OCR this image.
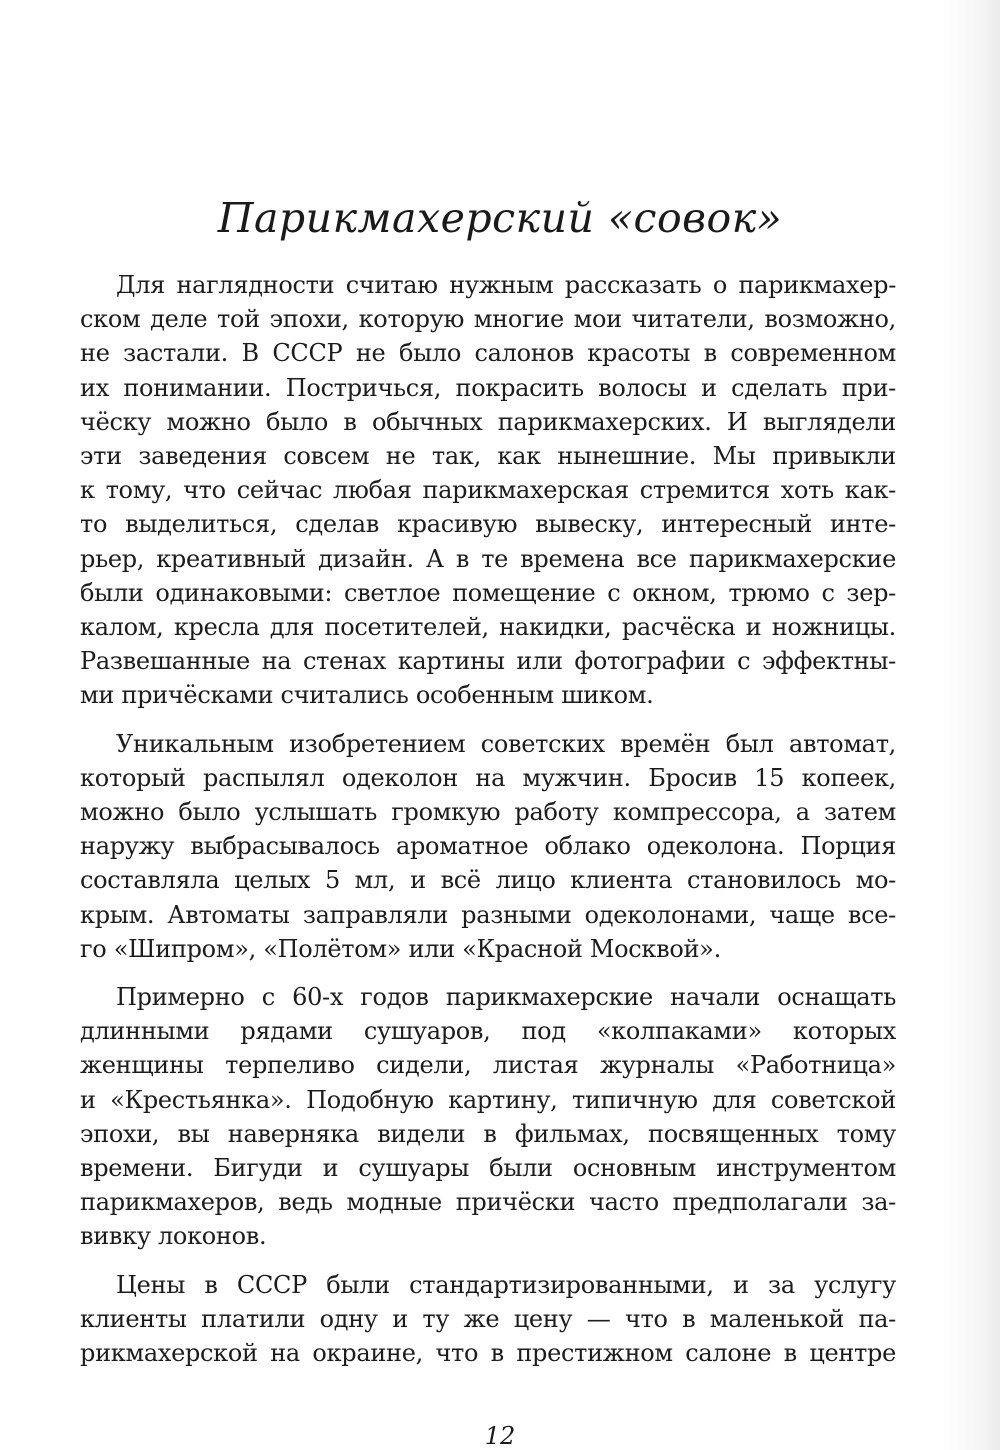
Парикмахерский «совок»
Для наглядности считаю нужным рассказать о парикмахер-
ском деле той эпохи, которую многие мои читатели, возможно,
не застали. В СССР не было салонов красоты в современном
их понимании. Постричься, покрасить волосы и сделать при-
чёску можно было в обычных парикмахерских. И выглядели
эти заведения совсем не так, как нынешние. Мы привыкли
к тому, что сейчас любая парикмахерская стремится хоть как-
то выделиться, сделав красивую вывеску, интересный инте-
рьер, креативный дизайн. А в те времена все парикмахерские
были одинаковыми: светлое помещение с окном, трюмо с зер-
калом, кресла для посетителей, накидки, расчёска и ножницы.
Развешанные на стенах картины или фотографии с эффектны-
ми причёсками считались особенным шиком.
Уникальным изобретением советских времён был автомат,
который распылял одеколон на мужчин. Бросив 15 копеек,
можно было услышать громкую работу компрессора, а затем
наружу выбрасывалось ароматное облако одеколона. Порция
составляла целых 5 мл, и всё лицо клиента становилось мо-
крым. Автоматы заправляли разными одеколонами, чаще все-
го «Шипром», «Полётом» или «Красной Москвой».
Примерно с 60-х годов парикмахерские начали оснащать
длинными рядами сушуаров, под «колпаками» которых
женщины терпеливо сидели, листая журналы «Работница»
и «Крестьянка». Подобную картину, типичную для советской
эпохи, вы наверняка видели в фильмах, посвященных тому
времени. Бигуди и сушуары были основным инструментом
парикмахеров, ведь модные причёски часто предполагали за-
вивку локонов.
Цены в СССР были стандартизированными, и за услугу
клиенты платили одну и ту же цену — что в маленькой па-
рикмахерской на окраине, что в престижном салоне в центре
12
